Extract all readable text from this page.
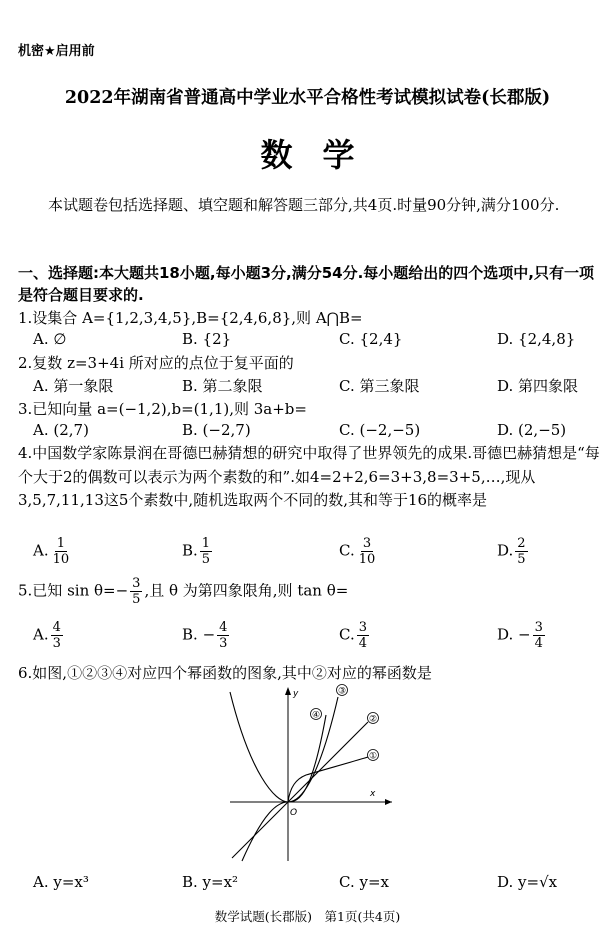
机密★启用前
2022年湖南省普通高中学业水平合格性考试模拟试卷(长郡版)
数学
本试题卷包括选择题、填空题和解答题三部分,共4页.时量90分钟,满分100分.
一、选择题:本大题共18小题,每小题3分,满分54分.每小题给出的四个选项中,只有一项是符合题目要求的.
1.设集合 A={1,2,3,4,5},B={2,4,6,8},则 A⋂B=
A. ∅	B. {2}	C. {2,4}	D. {2,4,8}
2.复数 z=3+4i 所对应的点位于复平面的
A. 第一象限	B. 第二象限	C. 第三象限	D. 第四象限
3.已知向量 a=(−1,2),b=(1,1),则 3a+b=
A. (2,7)	B. (−2,7)	C. (−2,−5)	D. (2,−5)
4.中国数学家陈景润在哥德巴赫猜想的研究中取得了世界领先的成果.哥德巴赫猜想是“每个大于2的偶数可以表示为两个素数的和”.如4=2+2,6=3+3,8=3+5,…,现从3,5,7,11,13这5个素数中,随机选取两个不同的数,其和等于16的概率是
A. $\frac{1}{10}$	B. $\frac{1}{5}$	C. $\frac{3}{10}$	D. $\frac{2}{5}$
5.已知 $\sin \theta=- \frac{3}{5}$ ,且 θ 为第四象限角,则 tan θ=
A. $\frac{4}{3}$	B. − $\frac{4}{3}$	C. $\frac{3}{4}$	D. − $\frac{3}{4}$
6.如图,①②③④对应四个幂函数的图象,其中②对应的幂函数是
x
y
O
①
②
③
④
A. y=x³	B. y=x²	C. y=x	D. y=√x
数学试题(长郡版)　第1页(共4页)
